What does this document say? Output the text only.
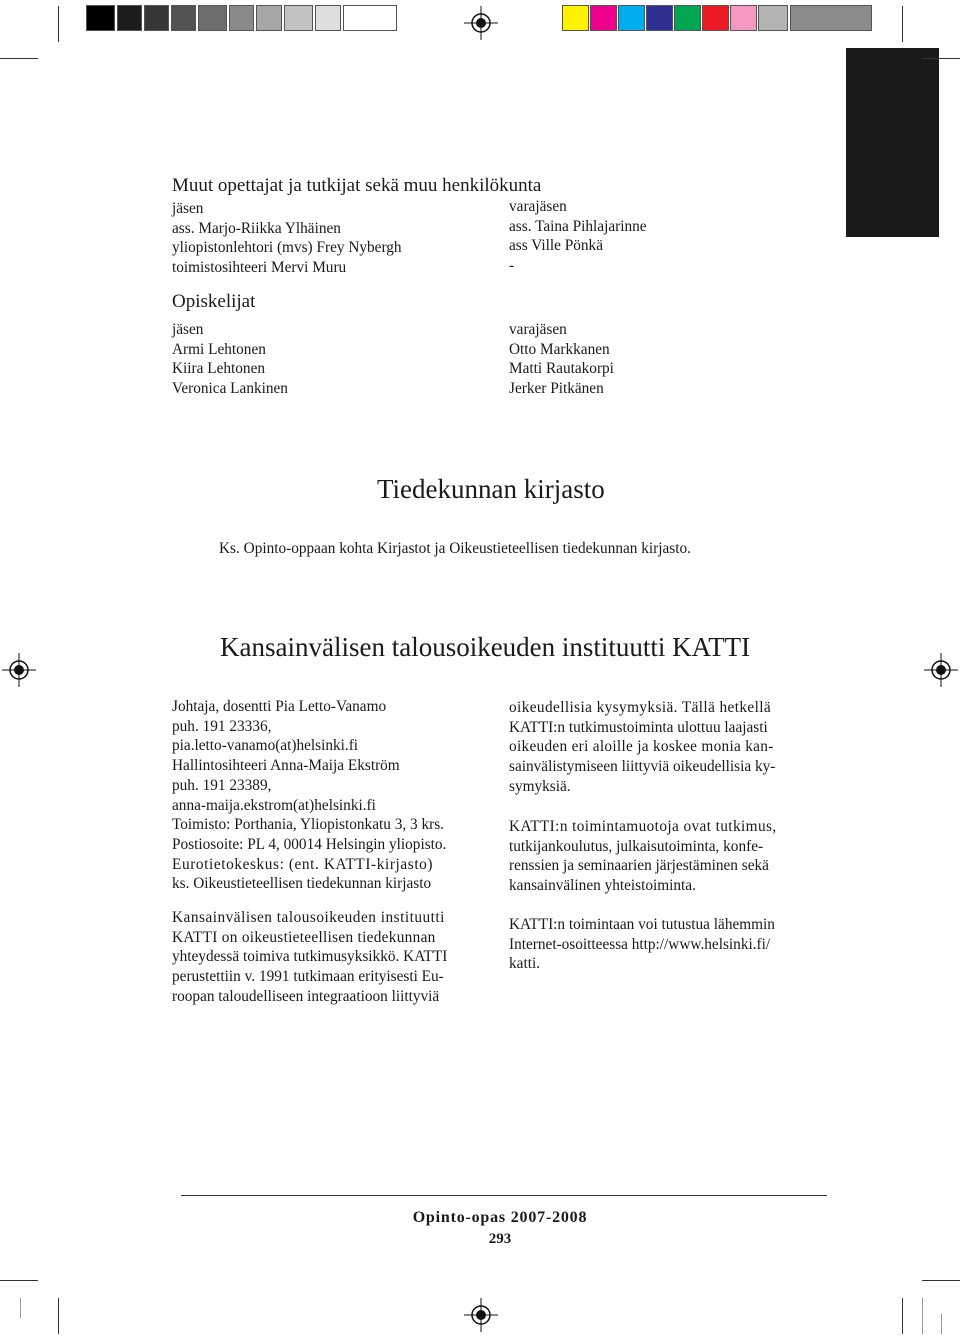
Muut opettajat ja tutkijat sekä muu henkilökunta
jäsen
ass. Marjo-Riikka Ylhäinen
yliopistonlehtori (mvs) Frey Nybergh
toimistosihteeri Mervi Muru
varajäsen
ass. Taina Pihlajarinne
ass Ville Pönkä
-
Opiskelijat
jäsen
Armi Lehtonen
Kiira Lehtonen
Veronica Lankinen
varajäsen
Otto Markkanen
Matti Rautakorpi
Jerker Pitkänen
Tiedekunnan kirjasto
Ks. Opinto-oppaan kohta Kirjastot ja Oikeustieteellisen tiedekunnan kirjasto.
Kansainvälisen talousoikeuden instituutti KATTI
Johtaja, dosentti Pia Letto-Vanamo
puh. 191 23336,
pia.letto-vanamo(at)helsinki.fi
Hallintosihteeri Anna-Maija Ekström
puh. 191 23389,
anna-maija.ekstrom(at)helsinki.fi
Toimisto: Porthania, Yliopistonkatu 3, 3 krs.
Postiosoite: PL 4, 00014 Helsingin yliopisto.
Eurotietokeskus: (ent. KATTI-kirjasto)
ks. Oikeustieteellisen tiedekunnan kirjasto
Kansainvälisen talousoikeuden instituutti
KATTI on oikeustieteellisen tiedekunnan
yhteydessä toimiva tutkimusyksikkö. KATTI
perustettiin v. 1991 tutkimaan erityisesti Eu-
roopan taloudelliseen integraatioon liittyviä
oikeudellisia kysymyksiä. Tällä hetkellä
KATTI:n tutkimustoiminta ulottuu laajasti
oikeuden eri aloille ja koskee monia kan-
sainvälistymiseen liittyviä oikeudellisia ky-
symyksiä.
KATTI:n toimintamuotoja ovat tutkimus,
tutkijankoulutus, julkaisutoiminta, konfe-
renssien ja seminaarien järjestäminen sekä
kansainvälinen yhteistoiminta.
KATTI:n toimintaan voi tutustua lähemmin
Internet-osoitteessa http://www.helsinki.fi/
katti.
Opinto-opas 2007-2008
293
